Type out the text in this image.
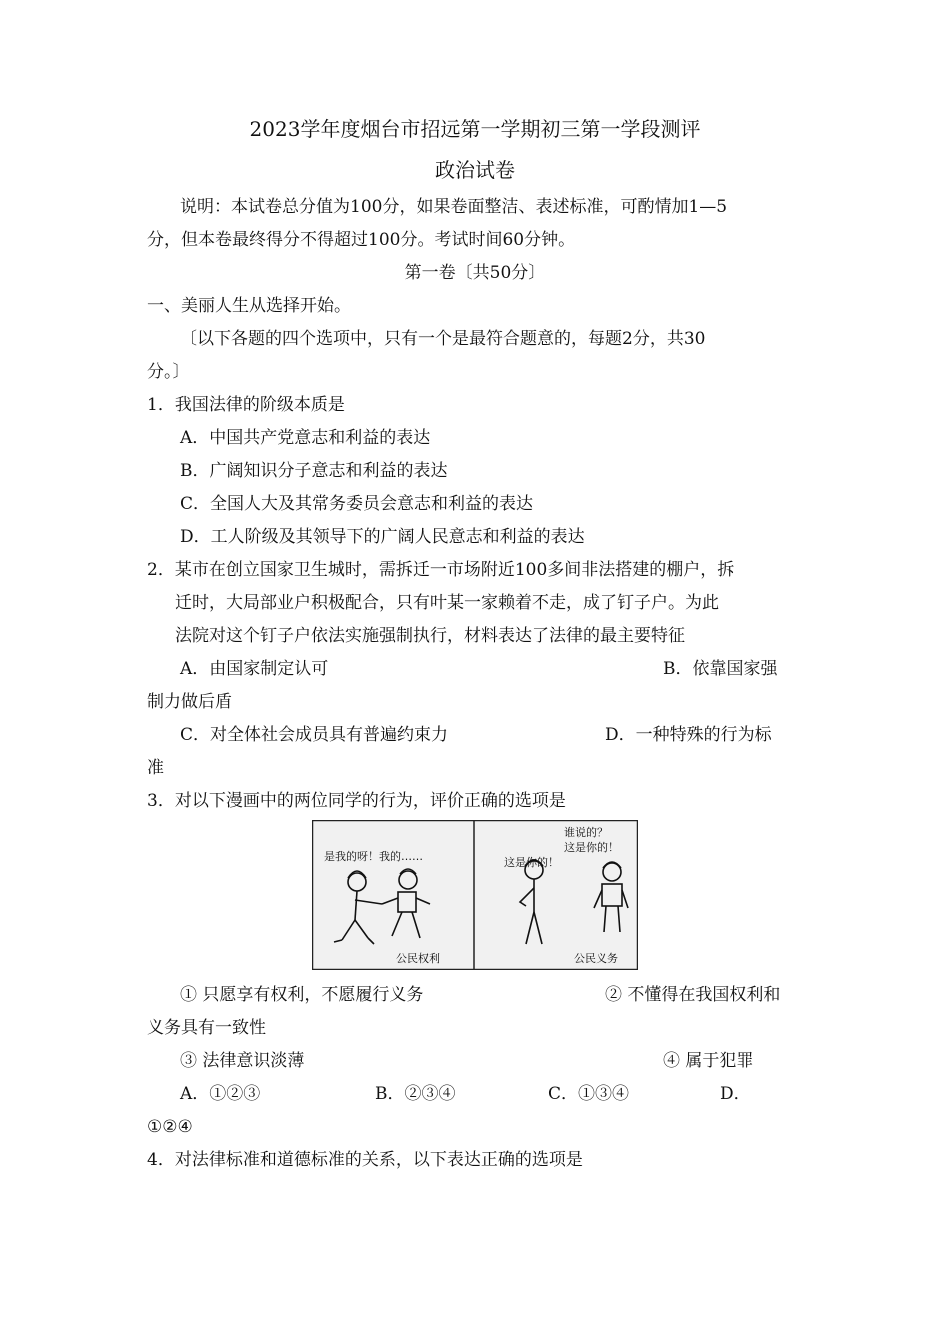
2023学年度烟台市招远第一学期初三第一学段测评
政治试卷
说明：本试卷总分值为100分，如果卷面整洁、表述标准，可酌情加1—5
分，但本卷最终得分不得超过100分。考试时间60分钟。
第一卷〔共50分〕
一、美丽人生从选择开始。
〔以下各题的四个选项中，只有一个是最符合题意的，每题2分，共30
分。〕
1．我国法律的阶级本质是
A．中国共产党意志和利益的表达
B．广阔知识分子意志和利益的表达
C．全国人大及其常务委员会意志和利益的表达
D．工人阶级及其领导下的广阔人民意志和利益的表达
2．某市在创立国家卫生城时，需拆迁一市场附近100多间非法搭建的棚户，拆
迁时，大局部业户积极配合，只有叶某一家赖着不走，成了钉子户。为此
法院对这个钉子户依法实施强制执行，材料表达了法律的最主要特征
A．由国家制定认可	B．依靠国家强
制力做后盾
C．对全体社会成员具有普遍约束力	D．一种特殊的行为标
准
3．对以下漫画中的两位同学的行为，评价正确的选项是
是我的呀！我的……
公民权利
谁说的？
这是你的！
这是你的！
公民义务
① 只愿享有权利，不愿履行义务	② 不懂得在我国权利和
义务具有一致性
③ 法律意识淡薄	④ 属于犯罪
A．①②③	B．②③④	C．①③④	D．
①②④
4．对法律标准和道德标准的关系，以下表达正确的选项是
